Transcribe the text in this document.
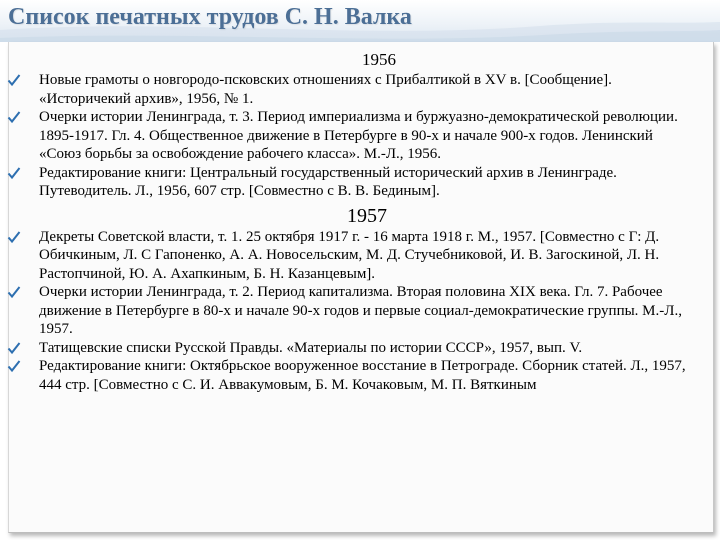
Список печатных трудов С. Н. Валка
1956
Новые грамоты о новгородо-псковских отношениях с Прибалтикой в XV в. [Сообщение]. «Историчекий архив», 1956, № 1.
Очерки истории Ленинграда, т. 3. Период империализма и буржуазно-демократической революции. 1895-1917. Гл. 4. Общественное движение в Петербурге в 90-х и начале 900-х годов. Ленинский «Союз борьбы за освобождение рабочего класса». М.-Л., 1956.
Редактирование книги: Центральный государственный исторический архив в Ленинграде. Путеводитель. Л., 1956, 607 стр. [Совместно с В. В. Бединым].
1957
Декреты Советской власти, т. 1. 25 октября 1917 г. - 16 марта 1918 г. М., 1957. [Совместно с Г: Д. Обичкиным, Л. С Гапоненко, А. А. Новосельским, М. Д. Стучебниковой, И. В. Загоскиной, Л. Н. Растопчиной, Ю. А. Ахапкиным, Б. Н. Казанцевым].
Очерки истории Ленинграда, т. 2. Период капитализма. Вторая половина XIX века. Гл. 7. Рабочее движение в Петербурге в 80-х и начале 90-х годов и первые социал-демократические группы. М.-Л., 1957.
Татищевские списки Русской Правды. «Материалы по истории СССР», 1957, вып. V.
Редактирование книги: Октябрьское вооруженное восстание в Петрограде. Сборник статей. Л., 1957, 444 стр. [Совместно с С. И. Аввакумовым, Б. М. Кочаковым, М. П. Вяткиным
